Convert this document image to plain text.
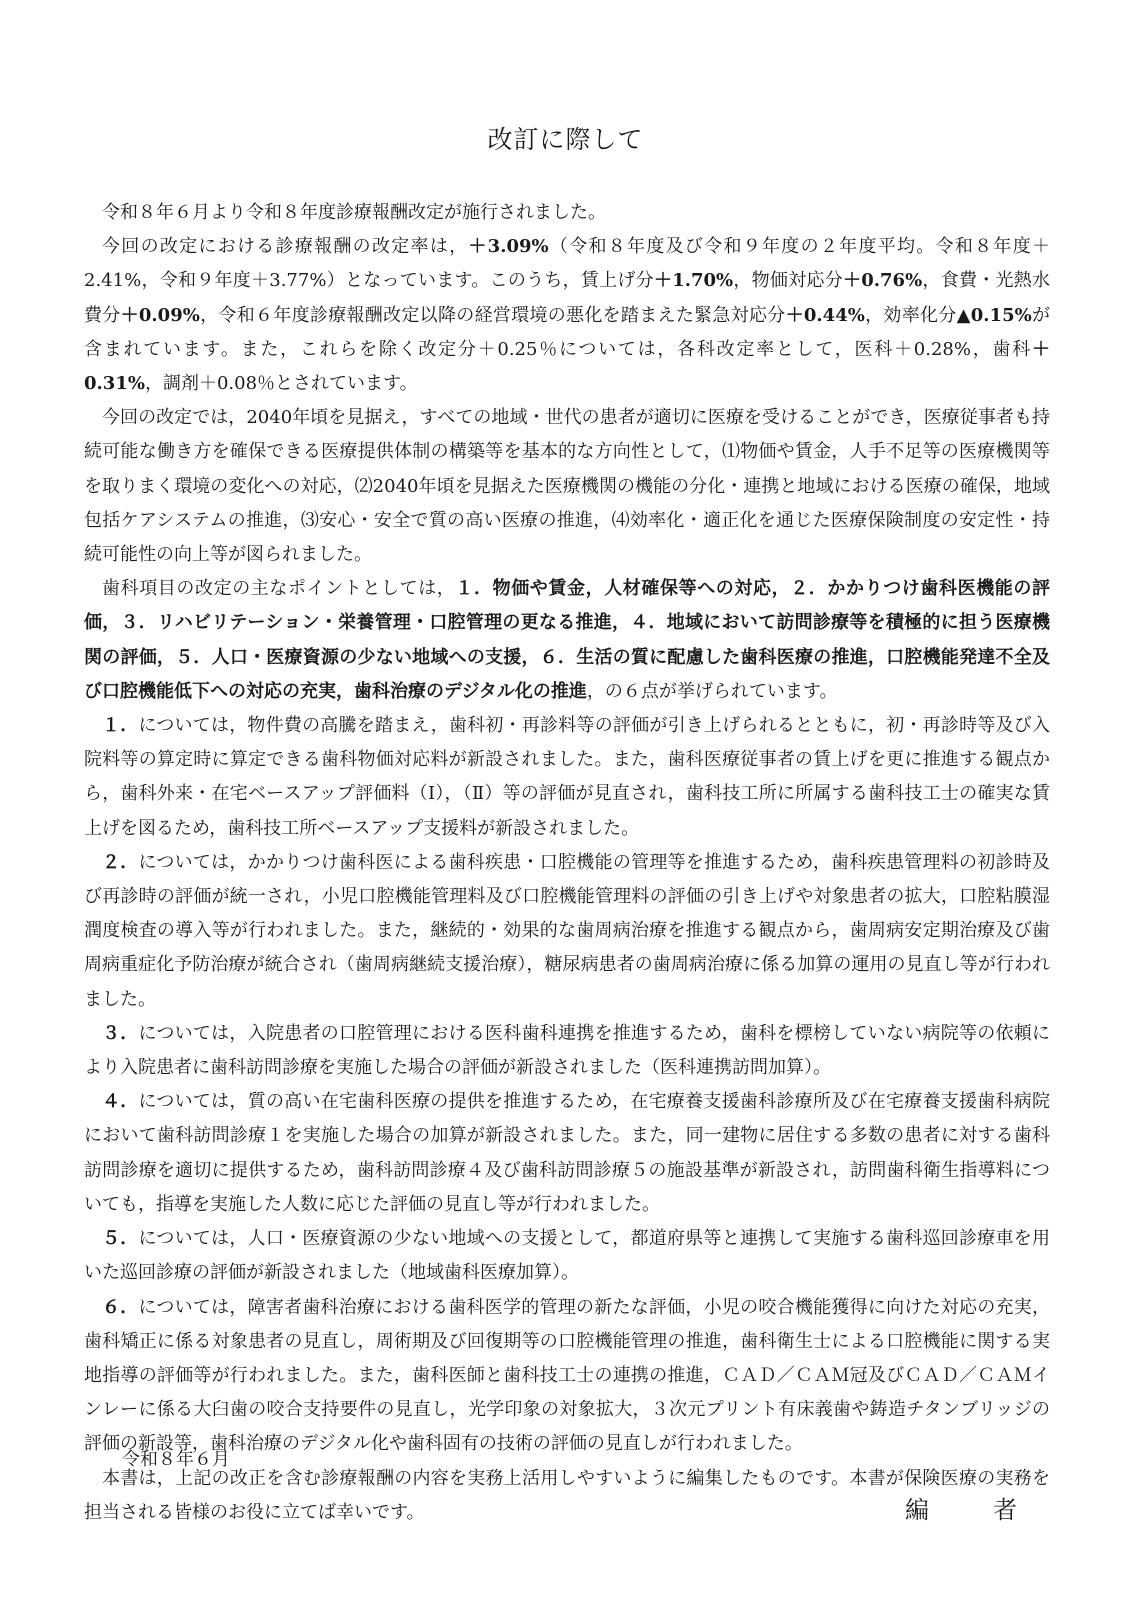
改訂に際して

令和８年６月より令和８年度診療報酬改定が施行されました。

今回の改定における診療報酬の改定率は，＋3.09%（令和８年度及び令和９年度の２年度平均。令和８年度＋2.41%，令和９年度＋3.77%）となっています。このうち，賃上げ分＋1.70%，物価対応分＋0.76%，食費・光熱水費分＋0.09%，令和６年度診療報酬改定以降の経営環境の悪化を踏まえた緊急対応分＋0.44%，効率化分▲0.15%が含まれています。また，これらを除く改定分＋0.25％については，各科改定率として，医科＋0.28%，歯科＋0.31%，調剤＋0.08％とされています。

今回の改定では，2040年頃を見据え，すべての地域・世代の患者が適切に医療を受けることができ，医療従事者も持続可能な働き方を確保できる医療提供体制の構築等を基本的な方向性として，⑴物価や賃金，人手不足等の医療機関等を取りまく環境の変化への対応，⑵2040年頃を見据えた医療機関の機能の分化・連携と地域における医療の確保，地域包括ケアシステムの推進，⑶安心・安全で質の高い医療の推進，⑷効率化・適正化を通じた医療保険制度の安定性・持続可能性の向上等が図られました。

歯科項目の改定の主なポイントとしては，１．物価や賃金，人材確保等への対応，２．かかりつけ歯科医機能の評価，３．リハビリテーション・栄養管理・口腔管理の更なる推進，４．地域において訪問診療等を積極的に担う医療機関の評価，５．人口・医療資源の少ない地域への支援，６．生活の質に配慮した歯科医療の推進，口腔機能発達不全及び口腔機能低下への対応の充実，歯科治療のデジタル化の推進，の６点が挙げられています。

１．については，物件費の高騰を踏まえ，歯科初・再診料等の評価が引き上げられるとともに，初・再診時等及び入院料等の算定時に算定できる歯科物価対応料が新設されました。また，歯科医療従事者の賃上げを更に推進する観点から，歯科外来・在宅ベースアップ評価料（Ⅰ），（Ⅱ）等の評価が見直され，歯科技工所に所属する歯科技工士の確実な賃上げを図るため，歯科技工所ベースアップ支援料が新設されました。

２．については，かかりつけ歯科医による歯科疾患・口腔機能の管理等を推進するため，歯科疾患管理料の初診時及び再診時の評価が統一され，小児口腔機能管理料及び口腔機能管理料の評価の引き上げや対象患者の拡大，口腔粘膜湿潤度検査の導入等が行われました。また，継続的・効果的な歯周病治療を推進する観点から，歯周病安定期治療及び歯周病重症化予防治療が統合され（歯周病継続支援治療），糖尿病患者の歯周病治療に係る加算の運用の見直し等が行われました。

３．については，入院患者の口腔管理における医科歯科連携を推進するため，歯科を標榜していない病院等の依頼により入院患者に歯科訪問診療を実施した場合の評価が新設されました（医科連携訪問加算）。

４．については，質の高い在宅歯科医療の提供を推進するため，在宅療養支援歯科診療所及び在宅療養支援歯科病院において歯科訪問診療１を実施した場合の加算が新設されました。また，同一建物に居住する多数の患者に対する歯科訪問診療を適切に提供するため，歯科訪問診療４及び歯科訪問診療５の施設基準が新設され，訪問歯科衛生指導料についても，指導を実施した人数に応じた評価の見直し等が行われました。

５．については，人口・医療資源の少ない地域への支援として，都道府県等と連携して実施する歯科巡回診療車を用いた巡回診療の評価が新設されました（地域歯科医療加算）。

６．については，障害者歯科治療における歯科医学的管理の新たな評価，小児の咬合機能獲得に向けた対応の充実，歯科矯正に係る対象患者の見直し，周術期及び回復期等の口腔機能管理の推進，歯科衛生士による口腔機能に関する実地指導の評価等が行われました。また，歯科医師と歯科技工士の連携の推進，ＣＡＤ／ＣＡＭ冠及びＣＡＤ／ＣＡＭインレーに係る大臼歯の咬合支持要件の見直し，光学印象の対象拡大，３次元プリント有床義歯や鋳造チタンブリッジの評価の新設等，歯科治療のデジタル化や歯科固有の技術の評価の見直しが行われました。

本書は，上記の改正を含む診療報酬の内容を実務上活用しやすいように編集したものです。本書が保険医療の実務を担当される皆様のお役に立てば幸いです。

令和８年６月
編　者
